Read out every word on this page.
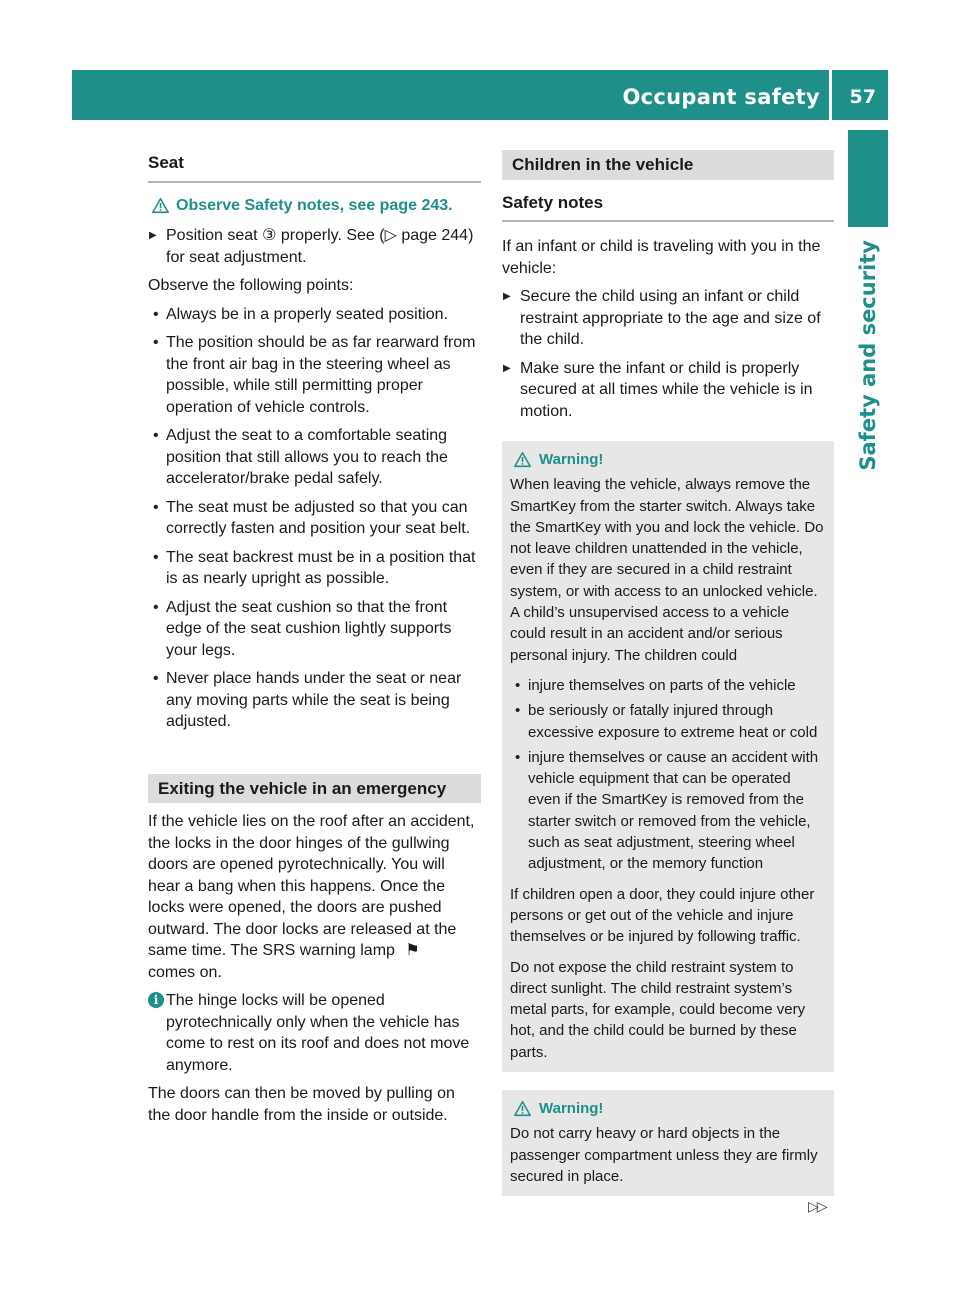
Occupant safety 57
Safety and security
Seat
Observe Safety notes, see page 243.
▶ Position seat ③ properly. See (▷ page 244) for seat adjustment.

Observe the following points:

• Always be in a properly seated position.
• The position should be as far rearward from the front air bag in the steering wheel as possible, while still permitting proper operation of vehicle controls.
• Adjust the seat to a comfortable seating position that still allows you to reach the accelerator/brake pedal safely.
• The seat must be adjusted so that you can correctly fasten and position your seat belt.
• The seat backrest must be in a position that is as nearly upright as possible.
• Adjust the seat cushion so that the front edge of the seat cushion lightly supports your legs.
• Never place hands under the seat or near any moving parts while the seat is being adjusted.
Exiting the vehicle in an emergency

If the vehicle lies on the roof after an accident, the locks in the door hinges of the gullwing doors are opened pyrotechnically. You will hear a bang when this happens. Once the locks were opened, the doors are pushed outward. The door locks are released at the same time. The SRS warning lamp ⚑
comes on.

i The hinge locks will be opened pyrotechnically only when the vehicle has come to rest on its roof and does not move anymore.

The doors can then be moved by pulling on the door handle from the inside or outside.

Children in the vehicle
Safety notes

If an infant or child is traveling with you in the vehicle:

▶ Secure the child using an infant or child restraint appropriate to the age and size of the child.
▶ Make sure the infant or child is properly secured at all times while the vehicle is in motion.
Warning!

When leaving the vehicle, always remove the SmartKey from the starter switch. Always take the SmartKey with you and lock the vehicle. Do not leave children unattended in the vehicle, even if they are secured in a child restraint system, or with access to an unlocked vehicle. A child’s unsupervised access to a vehicle could result in an accident and/or serious personal injury. The children could

• injure themselves on parts of the vehicle
• be seriously or fatally injured through excessive exposure to extreme heat or cold
• injure themselves or cause an accident with vehicle equipment that can be operated even if the SmartKey is removed from the starter switch or removed from the vehicle, such as seat adjustment, steering wheel adjustment, or the memory function

If children open a door, they could injure other persons or get out of the vehicle and injure themselves or be injured by following traffic.

Do not expose the child restraint system to direct sunlight. The child restraint system’s metal parts, for example, could become very hot, and the child could be burned by these parts.

Warning!

Do not carry heavy or hard objects in the passenger compartment unless they are firmly secured in place.

▷▷
